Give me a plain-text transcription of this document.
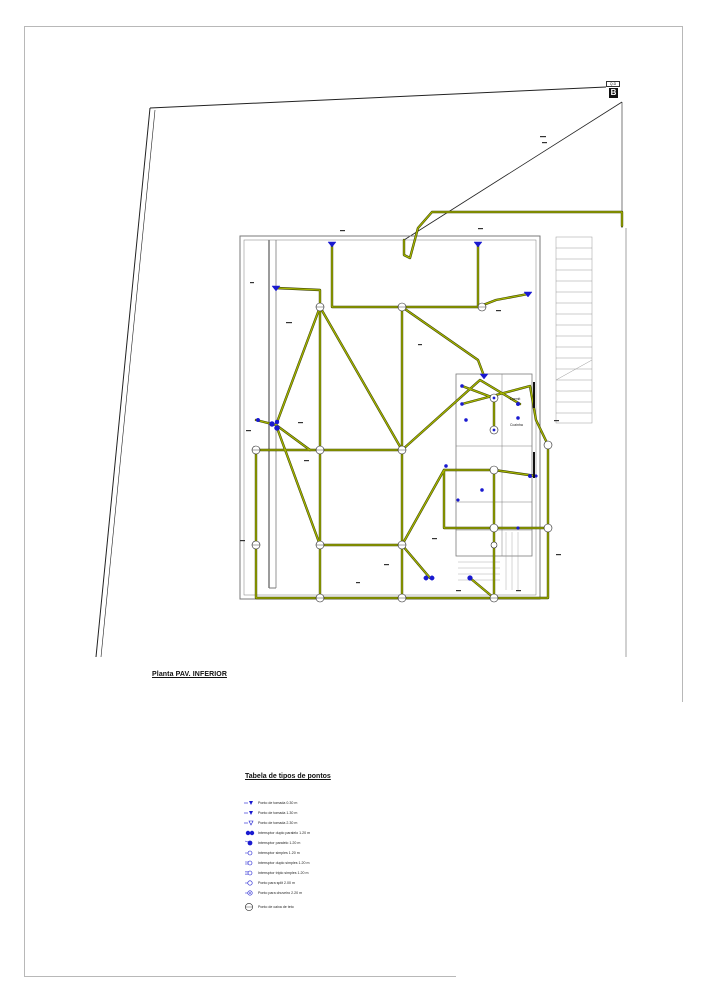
Q.D
B
Dormit
Cozinha
Planta PAV. INFERIOR
Tabela de tipos de pontos
Ponto de tomada 0.30 m
Ponto de tomada 1.30 m
Ponto de tomada 2.30 m
Interruptor duplo paralelo 1.20 m
Interruptor paralelo 1.20 m
Interruptor simples 1.20 m
Interruptor duplo simples 1.20 m
Interruptor triplo simples 1.20 m
Ponto para split 2.00 m
Ponto para chuveiro 2.20 m
Ponto de caixa de teto
